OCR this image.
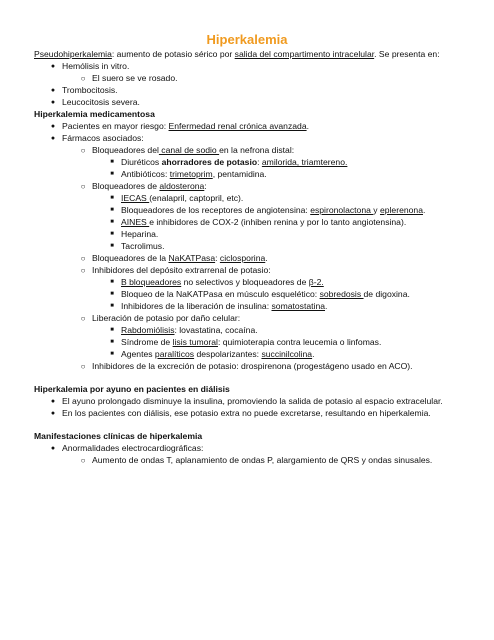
Hiperkalemia
Pseudohiperkalemia: aumento de potasio sérico por salida del compartimento intracelular. Se presenta en:
● Hemólisis in vitro.
○ El suero se ve rosado.
● Trombocitosis.
● Leucocitosis severa.
Hiperkalemia medicamentosa
● Pacientes en mayor riesgo: Enfermedad renal crónica avanzada.
● Fármacos asociados:
○ Bloqueadores del canal de sodio en la nefrona distal:
■ Diuréticos ahorradores de potasio: amilorida, triamtereno.
■ Antibióticos: trimetoprim, pentamidina.
○ Bloqueadores de aldosterona:
■ IECAS (enalapril, captopril, etc).
■ Bloqueadores de los receptores de angiotensina: espironolactona y eplerenona.
■ AINES e inhibidores de COX-2 (inhiben renina y por lo tanto angiotensina).
■ Heparina.
■ Tacrolimus.
○ Bloqueadores de la NaKATPasa: ciclosporina.
○ Inhibidores del depósito extrarrenal de potasio:
■ B bloqueadores no selectivos y bloqueadores de β-2.
■ Bloqueo de la NaKATPasa en músculo esquelético: sobredosis de digoxina.
■ Inhibidores de la liberación de insulina: somatostatina.
○ Liberación de potasio por daño celular:
■ Rabdomiólisis: lovastatina, cocaína.
■ Síndrome de lisis tumoral: quimioterapia contra leucemia o linfomas.
■ Agentes paralíticos despolarizantes: succinilcolina.
○ Inhibidores de la excreción de potasio: drospirenona (progestágeno usado en ACO).
Hiperkalemia por ayuno en pacientes en diálisis
● El ayuno prolongado disminuye la insulina, promoviendo la salida de potasio al espacio extracelular.
● En los pacientes con diálisis, ese potasio extra no puede excretarse, resultando en hiperkalemia.
Manifestaciones clínicas de hiperkalemia
● Anormalidades electrocardiográficas:
○ Aumento de ondas T, aplanamiento de ondas P, alargamiento de QRS y ondas sinusales.
